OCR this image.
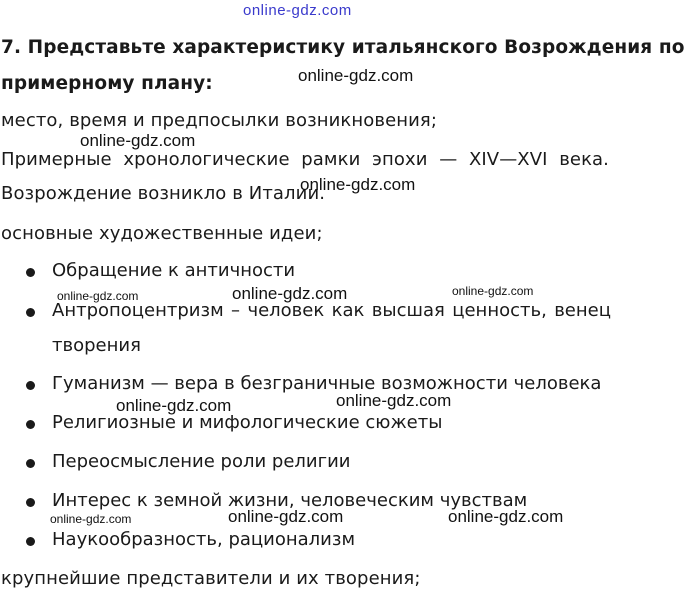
online-gdz.com
7. Представьте характеристику итальянского Возрождения по
примерному плану:
место, время и предпосылки возникновения;
Примерные хронологические рамки эпохи — XIV—XVI века.
Возрождение возникло в Италии.
основные художественные идеи;
Обращение к античности
Антропоцентризм – человек как высшая ценность, венец
творения
Гуманизм — вера в безграничные возможности человека
Религиозные и мифологические сюжеты
Переосмысление роли религии
Интерес к земной жизни, человеческим чувствам
Наукообразность, рационализм
крупнейшие представители и их творения;
online-gdz.com
online-gdz.com
online-gdz.com
online-gdz.com	online-gdz.com	online-gdz.com
online-gdz.com	online-gdz.com
online-gdz.com	online-gdz.com	online-gdz.com
